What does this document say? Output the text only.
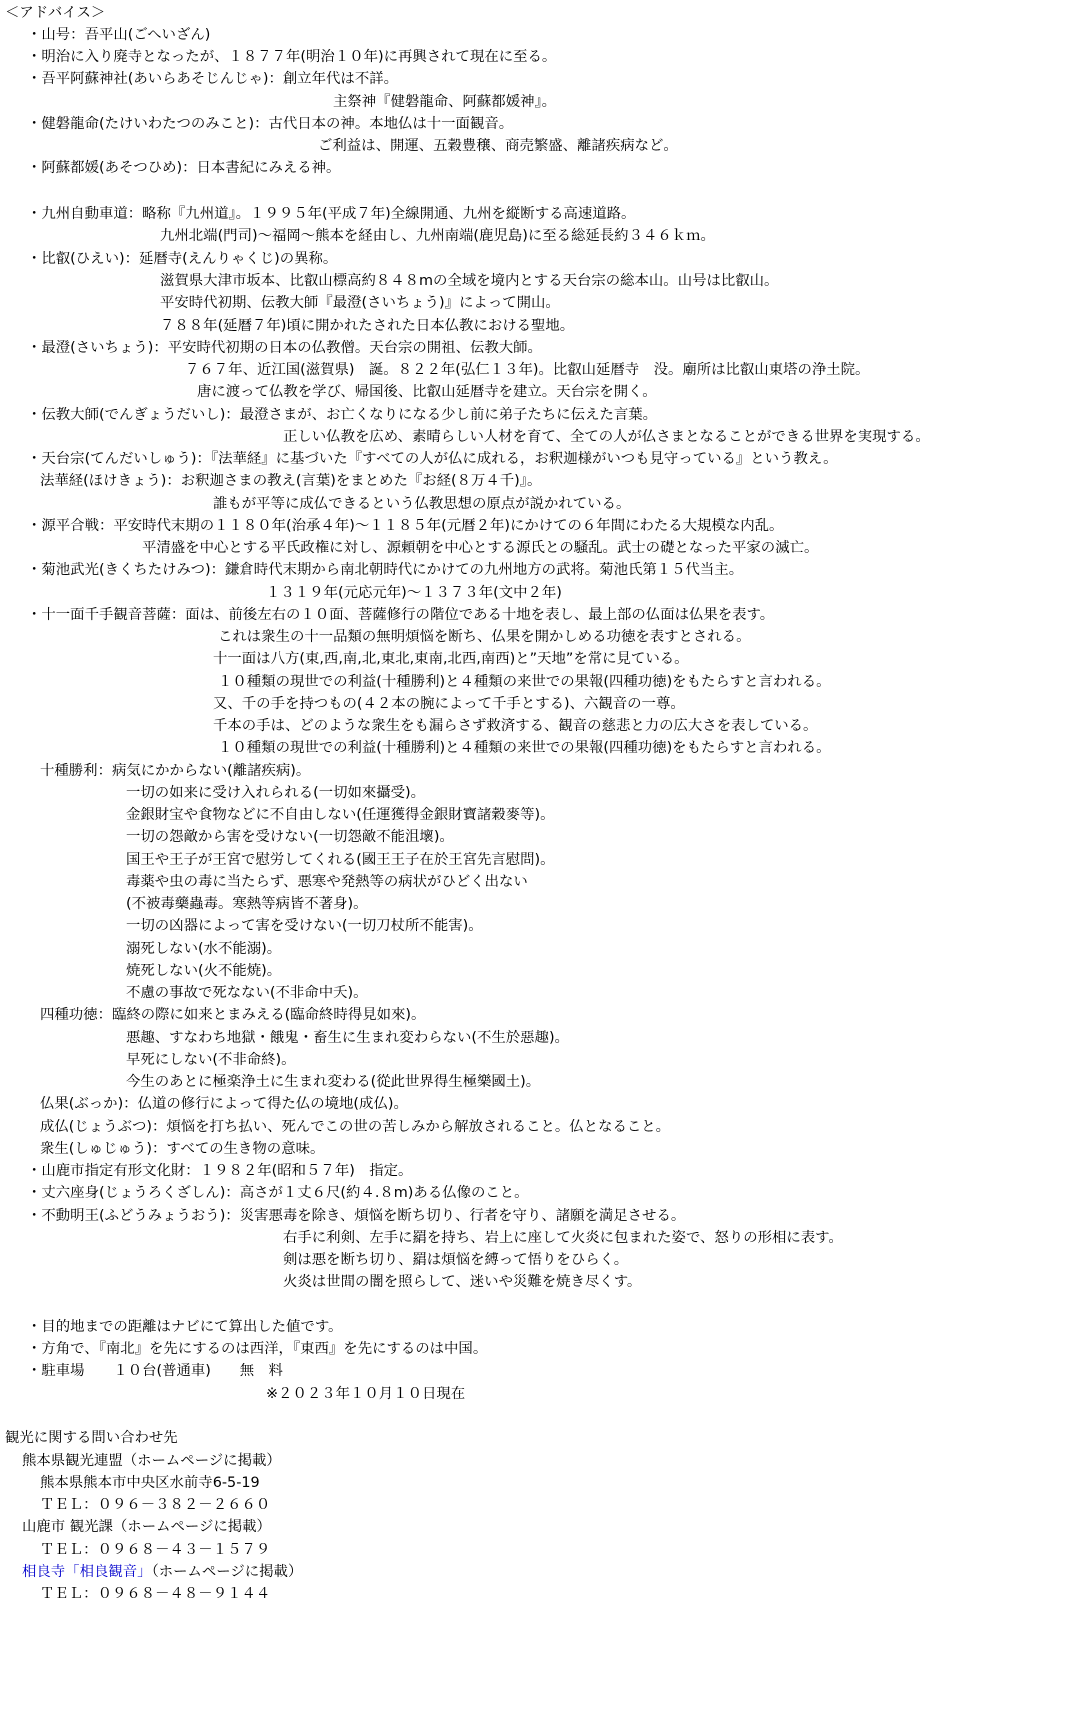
＜アドバイス＞
・山号：吾平山(ごへいざん)
・明治に入り廃寺となったが、１８７７年(明治１０年)に再興されて現在に至る。
・吾平阿蘇神社(あいらあそじんじゃ)：創立年代は不詳。
主祭神『健磐龍命、阿蘇都媛神』。
・健磐龍命(たけいわたつのみこと)：古代日本の神。本地仏は十一面観音。
ご利益は、開運、五穀豊穣、商売繁盛、離諸疾病など。
・阿蘇都媛(あそつひめ)：日本書紀にみえる神。
・九州自動車道：略称『九州道』。１９９５年(平成７年)全線開通、九州を縦断する高速道路。
九州北端(門司)～福岡～熊本を経由し、九州南端(鹿児島)に至る総延長約３４６ｋｍ。
・比叡(ひえい)：延暦寺(えんりゃくじ)の異称。
滋賀県大津市坂本、比叡山標高約８４８mの全域を境内とする天台宗の総本山。山号は比叡山。
平安時代初期、伝教大師『最澄(さいちょう)』によって開山。
７８８年(延暦７年)頃に開かれたされた日本仏教における聖地。
・最澄(さいちょう)：平安時代初期の日本の仏教僧。天台宗の開祖、伝教大師。
７６７年、近江国(滋賀県)　誕。８２２年(弘仁１３年)。比叡山延暦寺　没。廟所は比叡山東塔の浄土院。
唐に渡って仏教を学び、帰国後、比叡山延暦寺を建立。天台宗を開く。
・伝教大師(でんぎょうだいし)：最澄さまが、お亡くなりになる少し前に弟子たちに伝えた言葉。
正しい仏教を広め、素晴らしい人材を育て、全ての人が仏さまとなることができる世界を実現する。
・天台宗(てんだいしゅう)：『法華経』に基づいた『すべての人が仏に成れる，お釈迦様がいつも見守っている』という教え。
法華経(ほけきょう)：お釈迦さまの教え(言葉)をまとめた『お経(８万４千)』。
誰もが平等に成仏できるという仏教思想の原点が説かれている。
・源平合戦：平安時代末期の１１８０年(治承４年)～１１８５年(元暦２年)にかけての６年間にわたる大規模な内乱。
平清盛を中心とする平氏政権に対し、源頼朝を中心とする源氏との騒乱。武士の礎となった平家の滅亡。
・菊池武光(きくちたけみつ)：鎌倉時代末期から南北朝時代にかけての九州地方の武将。菊池氏第１５代当主。
１３１９年(元応元年)～１３７３年(文中２年)
・十一面千手観音菩薩：面は、前後左右の１０面、菩薩修行の階位である十地を表し、最上部の仏面は仏果を表す。
これは衆生の十一品類の無明煩悩を断ち、仏果を開かしめる功徳を表すとされる。
十一面は八方(東,西,南,北,東北,東南,北西,南西)と”天地”を常に見ている。
１０種類の現世での利益(十種勝利)と４種類の来世での果報(四種功徳)をもたらすと言われる。
又、千の手を持つもの(４２本の腕によって千手とする)、六観音の一尊。
千本の手は、どのような衆生をも漏らさず救済する、観音の慈悲と力の広大さを表している。
１０種類の現世での利益(十種勝利)と４種類の来世での果報(四種功徳)をもたらすと言われる。
十種勝利：病気にかからない(離諸疾病)。
一切の如来に受け入れられる(一切如來攝受)。
金銀財宝や食物などに不自由しない(任運獲得金銀財寶諸穀麥等)。
一切の怨敵から害を受けない(一切怨敵不能沮壞)。
国王や王子が王宮で慰労してくれる(國王王子在於王宮先言慰問)。
毒薬や虫の毒に当たらず、悪寒や発熱等の病状がひどく出ない
(不被毒藥蟲毒。寒熱等病皆不著身)。
一切の凶器によって害を受けない(一切刀杖所不能害)。
溺死しない(水不能溺)。
焼死しない(火不能焼)。
不慮の事故で死なない(不非命中夭)。
四種功徳：臨終の際に如来とまみえる(臨命終時得見如來)。
悪趣、すなわち地獄・餓鬼・畜生に生まれ変わらない(不生於惡趣)。
早死にしない(不非命終)。
今生のあとに極楽浄土に生まれ変わる(從此世界得生極樂國土)。
仏果(ぶっか)：仏道の修行によって得た仏の境地(成仏)。
成仏(じょうぶつ)：煩悩を打ち払い、死んでこの世の苦しみから解放されること。仏となること。
衆生(しゅじゅう)：すべての生き物の意味。
・山鹿市指定有形文化財：１９８２年(昭和５７年)　指定。
・丈六座身(じょうろくざしん)：高さが１丈６尺(約４.８m)ある仏像のこと。
・不動明王(ふどうみょうおう)：災害悪毒を除き、煩悩を断ち切り、行者を守り、諸願を満足させる。
右手に利剣、左手に羂を持ち、岩上に座して火炎に包まれた姿で、怒りの形相に表す。
剣は悪を断ち切り、羂は煩悩を縛って悟りをひらく。
火炎は世間の闇を照らして、迷いや災難を焼き尽くす。
・目的地までの距離はナビにて算出した値です。
・方角で、『南北』を先にするのは西洋，『東西』を先にするのは中国。
・駐車場　　１０台(普通車)　　無　料
※２０２３年１０月１０日現在
観光に関する問い合わせ先
熊本県観光連盟（ホームページに掲載）
熊本県熊本市中央区水前寺6-5-19
ＴＥＬ：０９６－３８２－２６６０
山鹿市 観光課（ホームページに掲載）
ＴＥＬ：０９６８－４３－１５７９
相良寺「相良観音」（ホームページに掲載）
ＴＥＬ：０９６８－４８－９１４４
